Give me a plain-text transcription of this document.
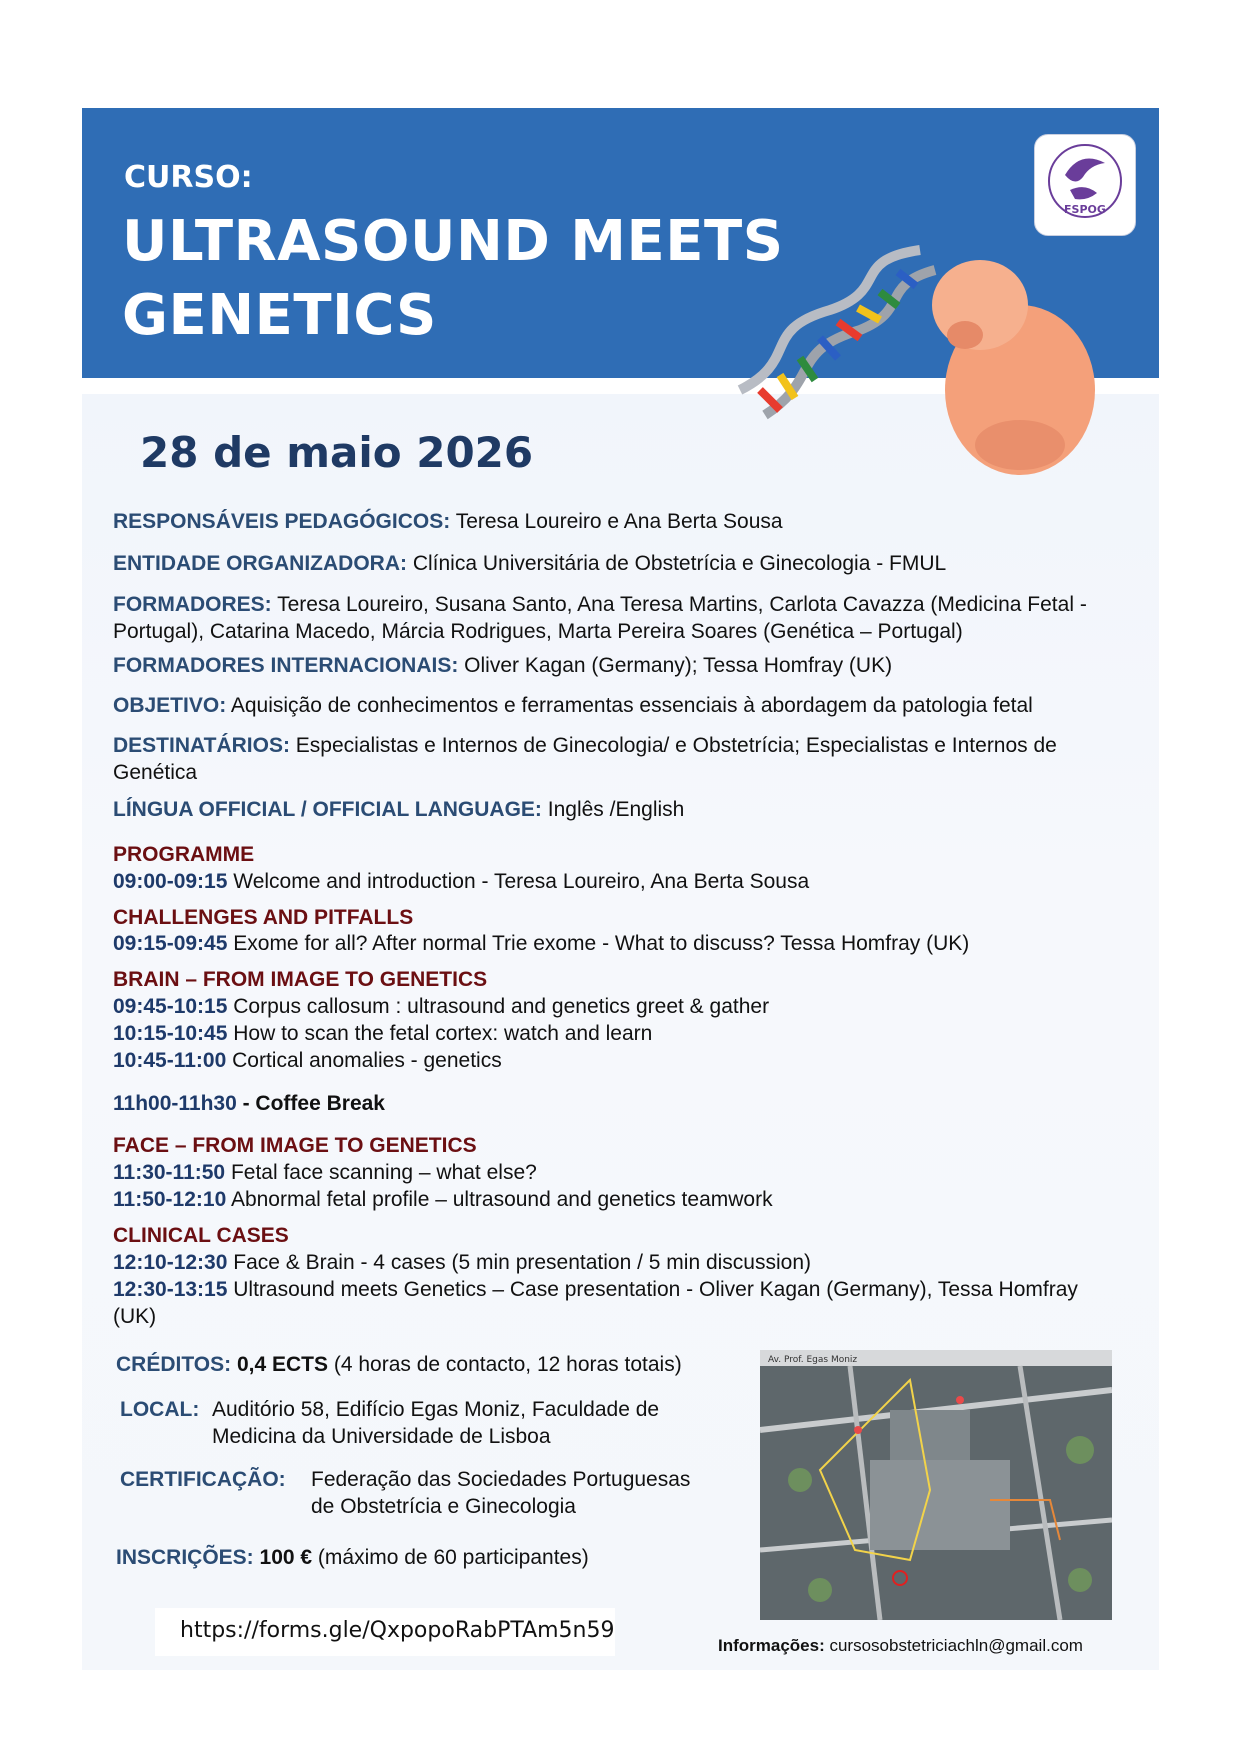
CURSO:
ULTRASOUND MEETS GENETICS
FSPOG
28 de maio 2026
RESPONSÁVEIS PEDAGÓGICOS: Teresa Loureiro e Ana Berta Sousa
ENTIDADE ORGANIZADORA: Clínica Universitária de Obstetrícia e Ginecologia - FMUL
FORMADORES: Teresa Loureiro, Susana Santo, Ana Teresa Martins, Carlota Cavazza (Medicina Fetal - Portugal), Catarina Macedo, Márcia Rodrigues, Marta Pereira Soares (Genética – Portugal)
FORMADORES INTERNACIONAIS: Oliver Kagan (Germany); Tessa Homfray (UK)
OBJETIVO: Aquisição de conhecimentos e ferramentas essenciais à abordagem da patologia fetal
DESTINATÁRIOS: Especialistas e Internos de Ginecologia/ e Obstetrícia; Especialistas e Internos de Genética
LÍNGUA OFFICIAL / OFFICIAL LANGUAGE: Inglês /English
PROGRAMME
09:00-09:15 Welcome and introduction - Teresa Loureiro, Ana Berta Sousa
CHALLENGES AND PITFALLS
09:15-09:45 Exome for all? After normal Trie exome - What to discuss? Tessa Homfray (UK)
BRAIN – FROM IMAGE TO GENETICS
09:45-10:15 Corpus callosum : ultrasound and genetics greet & gather
10:15-10:45 How to scan the fetal cortex: watch and learn
10:45-11:00 Cortical anomalies - genetics
11h00-11h30 - Coffee Break
FACE – FROM IMAGE TO GENETICS
11:30-11:50 Fetal face scanning – what else?
11:50-12:10 Abnormal fetal profile – ultrasound and genetics teamwork
CLINICAL CASES
12:10-12:30 Face & Brain - 4 cases (5 min presentation / 5 min discussion)
12:30-13:15 Ultrasound meets Genetics – Case presentation - Oliver Kagan (Germany), Tessa Homfray (UK)
CRÉDITOS: 0,4 ECTS (4 horas de contacto, 12 horas totais)
LOCAL: Auditório 58, Edifício Egas Moniz, Faculdade de
Medicina da Universidade de Lisboa
CERTIFICAÇÃO:	Federação das Sociedades Portuguesas
de Obstetrícia e Ginecologia
INSCRIÇÕES: 100 € (máximo de 60 participantes)
Av. Prof. Egas Moniz
https://forms.gle/QxpopoRabPTAm5n59
Informações: cursosobstetriciachln@gmail.com
